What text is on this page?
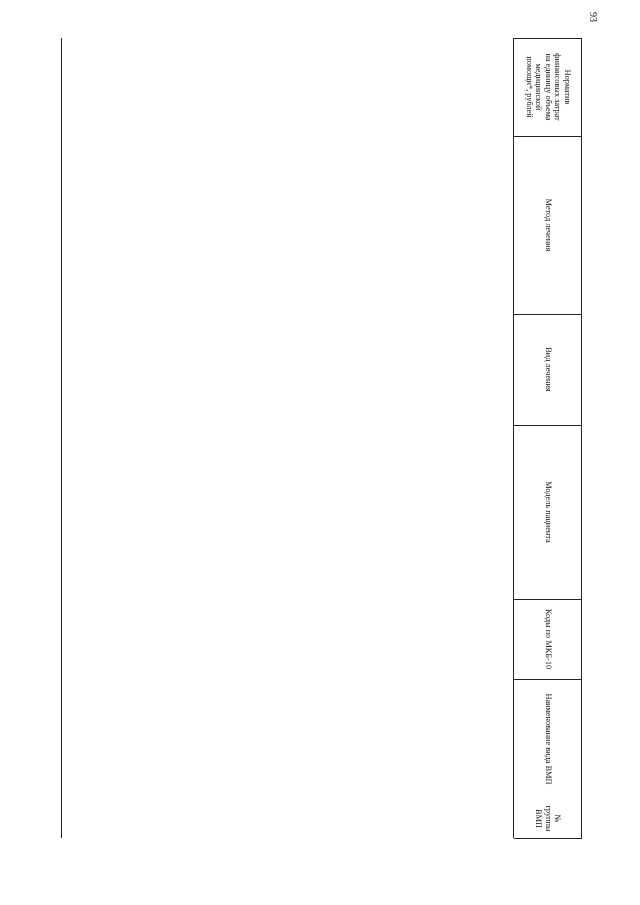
93
Норматив
финансовых затрат
на единицу объема
медицинской
помощи*, рублей
Метод лечения
Вид лечения
Модель пациента
Коды по МКБ-10
Наименование вида ВМП
№
группы
ВМП
